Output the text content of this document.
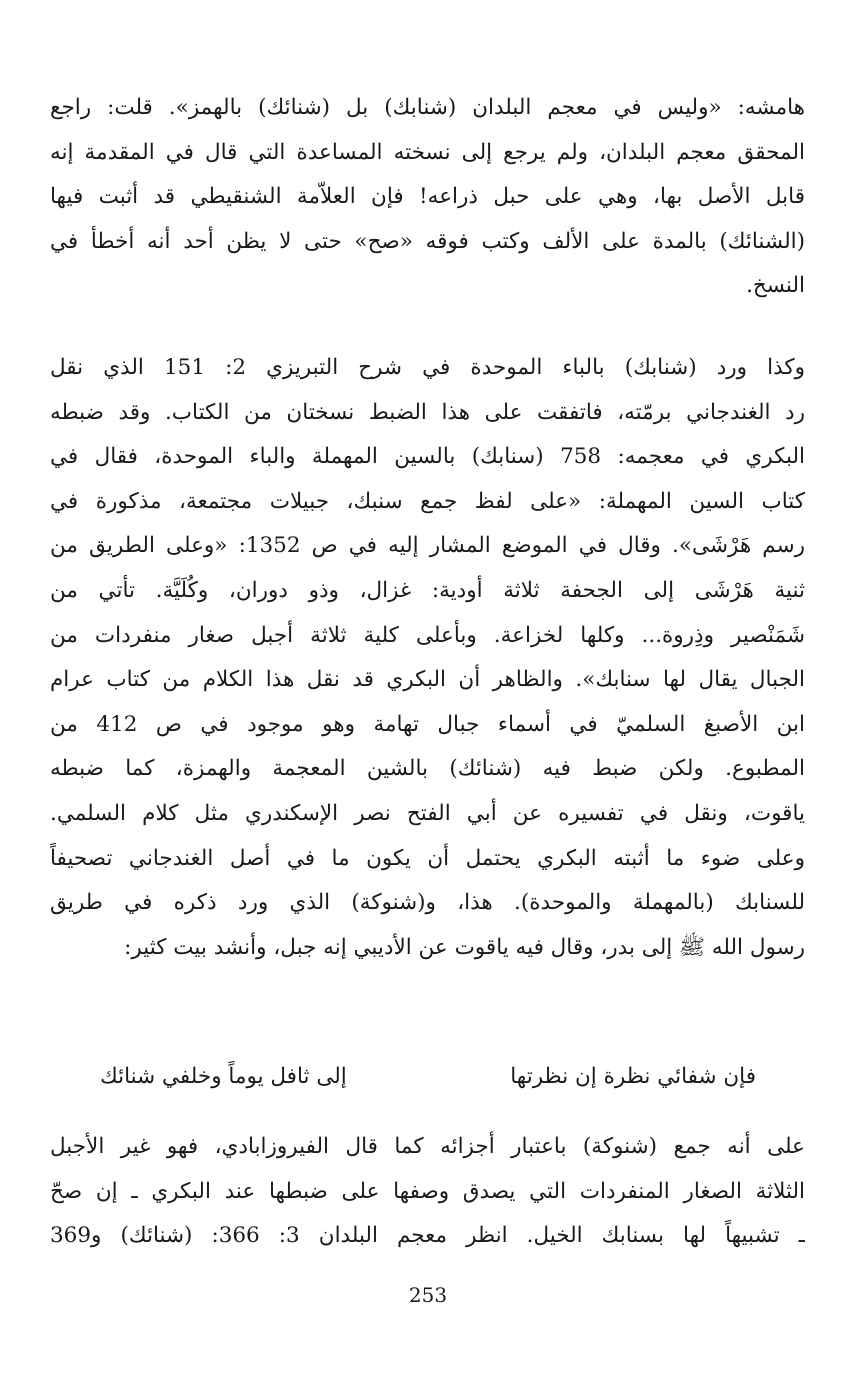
هامشه: «وليس في معجم البلدان (شنابك) بل (شنائك) بالهمز». قلت: راجع
المحقق معجم البلدان، ولم يرجع إلى نسخته المساعدة التي قال في المقدمة إنه
قابل الأصل بها، وهي على حبل ذراعه! فإن العلاّمة الشنقيطي قد أثبت فيها
(الشنائك) بالمدة على الألف وكتب فوقه «صح» حتى لا يظن أحد أنه أخطأ في
النسخ.
وكذا ورد (شنابك) بالباء الموحدة في شرح التبريزي 2: 151 الذي نقل
رد الغندجاني برمّته، فاتفقت على هذا الضبط نسختان من الكتاب. وقد ضبطه
البكري في معجمه: 758 (سنابك) بالسين المهملة والباء الموحدة، فقال في
كتاب السين المهملة: «على لفظ جمع سنبك، جبيلات مجتمعة، مذكورة في
رسم هَرْشَى». وقال في الموضع المشار إليه في ص 1352: «وعلى الطريق من
ثنية هَرْشَى إلى الجحفة ثلاثة أودية: غزال، وذو دوران، وكُلَيَّة. تأتي من
شَمَنْصير وذِروة... وكلها لخزاعة. وبأعلى كلية ثلاثة أجبل صغار منفردات من
الجبال يقال لها سنابك». والظاهر أن البكري قد نقل هذا الكلام من كتاب عرام
ابن الأصبغ السلميّ في أسماء جبال تهامة وهو موجود في ص 412 من
المطبوع. ولكن ضبط فيه (شنائك) بالشين المعجمة والهمزة، كما ضبطه
ياقوت، ونقل في تفسيره عن أبي الفتح نصر الإسكندري مثل كلام السلمي.
وعلى ضوء ما أثبته البكري يحتمل أن يكون ما في أصل الغندجاني تصحيفاً
للسنابك (بالمهملة والموحدة). هذا، و(شنوكة) الذي ورد ذكره في طريق
رسول الله ﷺ إلى بدر، وقال فيه ياقوت عن الأديبي إنه جبل، وأنشد بيت كثير:
فإن شفائي نظرة إن نظرتها
إلى ثافل يوماً وخلفي شنائك
على أنه جمع (شنوكة) باعتبار أجزائه كما قال الفيروزابادي، فهو غير الأجبل
الثلاثة الصغار المنفردات التي يصدق وصفها على ضبطها عند البكري ـ إن صحّ
ـ تشبيهاً لها بسنابك الخيل. انظر معجم البلدان 3: 366: (شنائك) و369
253
